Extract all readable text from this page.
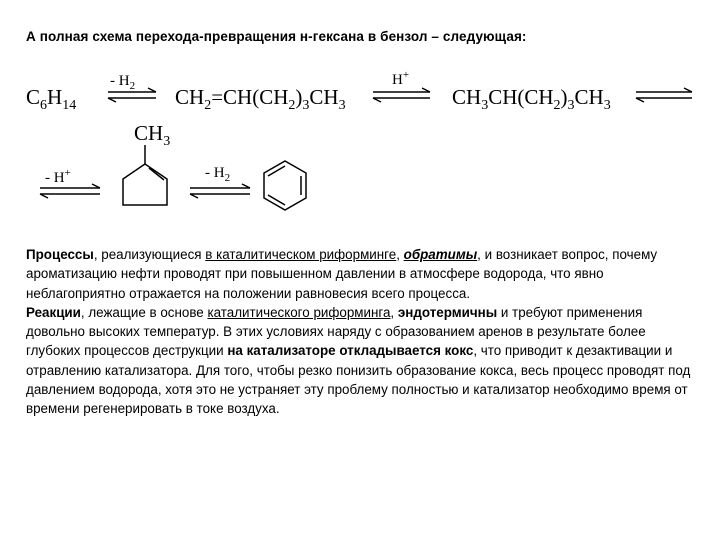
А полная схема перехода-превращения н-гексана в бензол – следующая:
$C_6H_{14}$
- $H_2$ $CH_2=CH(CH_2)_3CH_3$
H+
$CH_3CH(CH_2)_3CH_3$
- H+
$CH_3$
- $H_2$

Процессы, реализующиеся в каталитическом риформинге, обратимы, и возникает вопрос, почему ароматизацию нефти проводят при повышенном давлении в атмосфере водорода, что явно неблагоприятно отражается на положении равновесия всего процесса.

Реакции, лежащие в основе каталитического риформинга, эндотермичны и требуют применения довольно высоких температур. В этих условиях наряду с образованием аренов в результате более глубоких процессов деструкции на катализаторе откладывается кокс, что приводит к дезактивации и отравлению катализатора. Для того, чтобы резко понизить образование кокса, весь процесс проводят под давлением водорода, хотя это не устраняет эту проблему полностью и катализатор необходимо время от времени регенерировать в токе воздуха.
